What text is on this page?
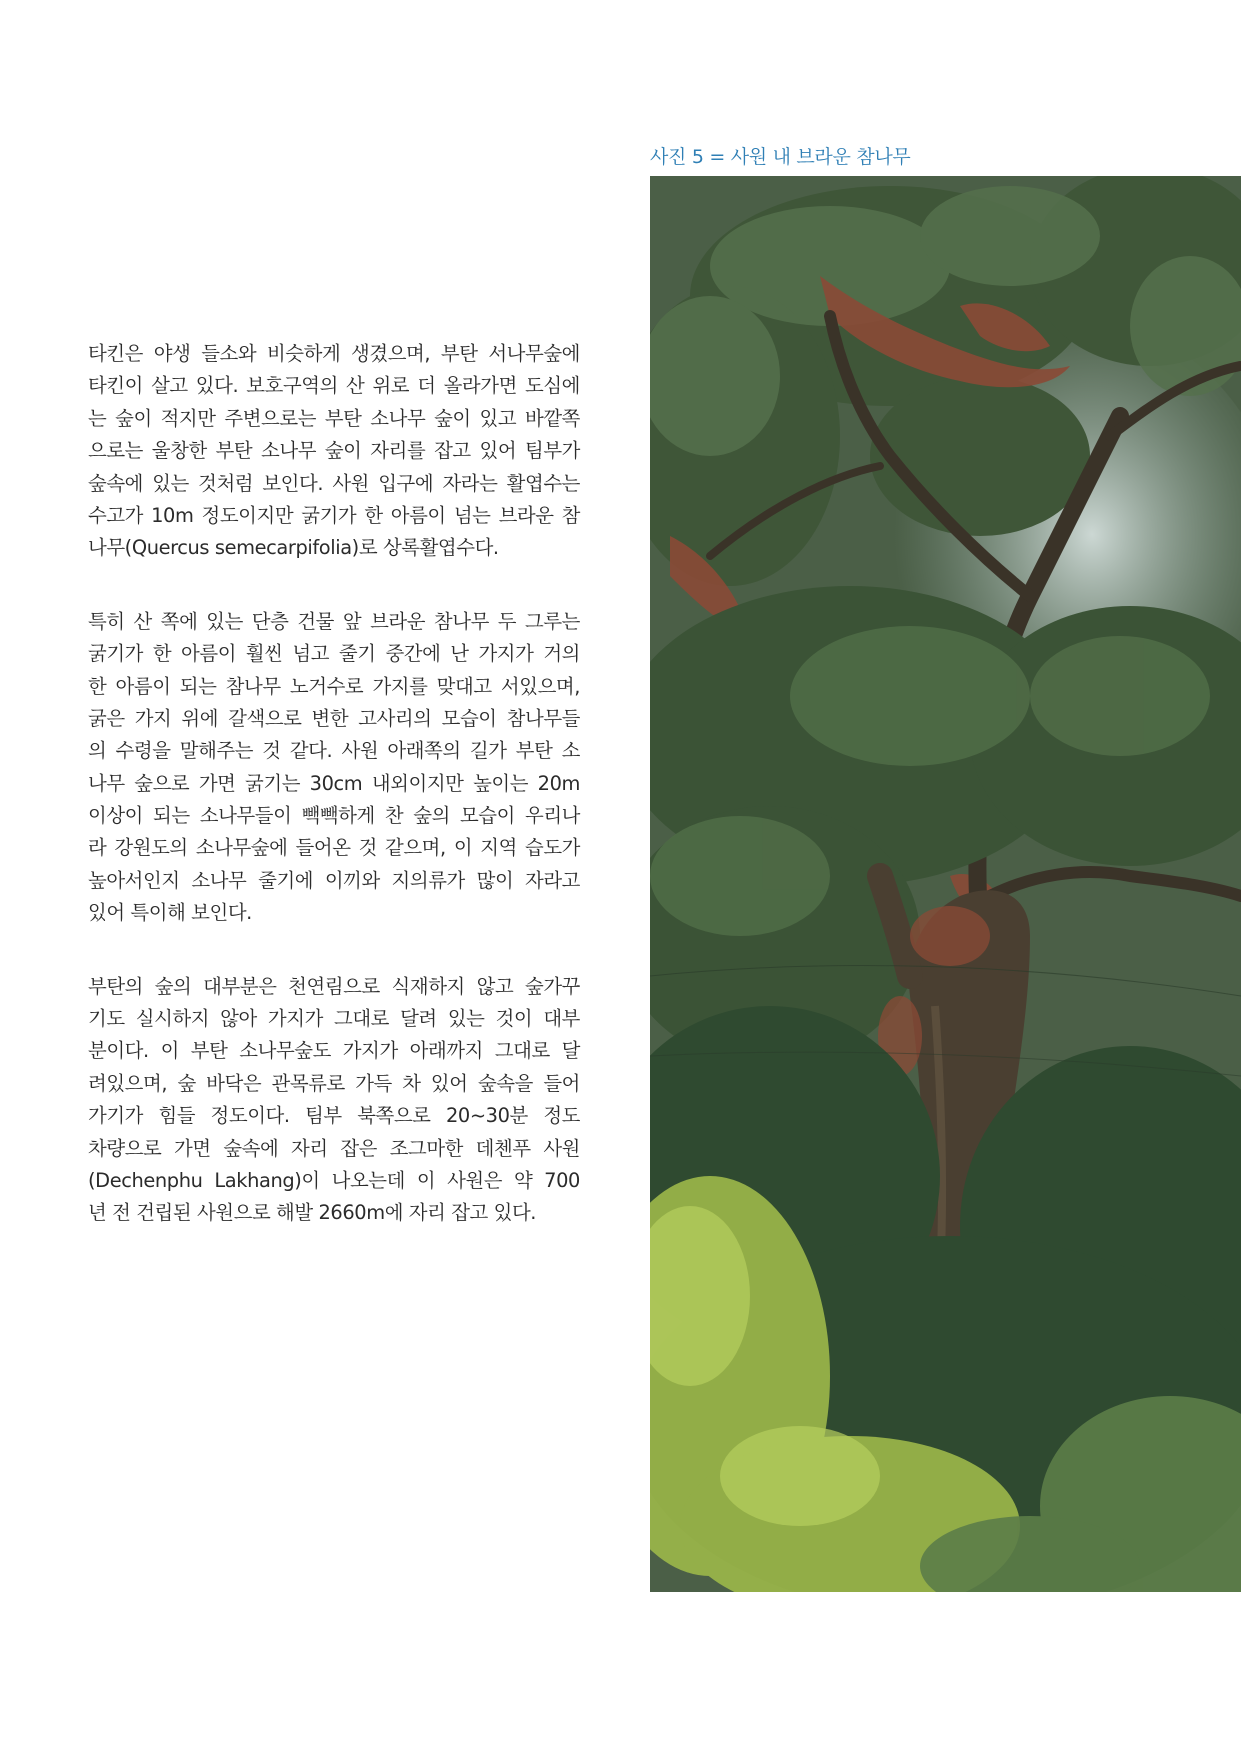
사진 5 = 사원 내 브라운 참나무
타킨은 야생 들소와 비슷하게 생겼으며, 부탄 서나무숲에
타킨이 살고 있다. 보호구역의 산 위로 더 올라가면 도심에
는 숲이 적지만 주변으로는 부탄 소나무 숲이 있고 바깥쪽
으로는 울창한 부탄 소나무 숲이 자리를 잡고 있어 팀부가
숲속에 있는 것처럼 보인다. 사원 입구에 자라는 활엽수는
수고가 10m 정도이지만 굵기가 한 아름이 넘는 브라운 참
나무(Quercus semecarpifolia)로 상록활엽수다.
특히 산 쪽에 있는 단층 건물 앞 브라운 참나무 두 그루는
굵기가 한 아름이 훨씬 넘고 줄기 중간에 난 가지가 거의
한 아름이 되는 참나무 노거수로 가지를 맞대고 서있으며,
굵은 가지 위에 갈색으로 변한 고사리의 모습이 참나무들
의 수령을 말해주는 것 같다. 사원 아래쪽의 길가 부탄 소
나무 숲으로 가면 굵기는 30cm 내외이지만 높이는 20m
이상이 되는 소나무들이 빽빽하게 찬 숲의 모습이 우리나
라 강원도의 소나무숲에 들어온 것 같으며, 이 지역 습도가
높아서인지 소나무 줄기에 이끼와 지의류가 많이 자라고
있어 특이해 보인다.
부탄의 숲의 대부분은 천연림으로 식재하지 않고 숲가꾸
기도 실시하지 않아 가지가 그대로 달려 있는 것이 대부
분이다. 이 부탄 소나무숲도 가지가 아래까지 그대로 달
려있으며, 숲 바닥은 관목류로 가득 차 있어 숲속을 들어
가기가 힘들 정도이다. 팀부 북쪽으로 20~30분 정도
차량으로 가면 숲속에 자리 잡은 조그마한 데첸푸 사원
(Dechenphu Lakhang)이 나오는데 이 사원은 약 700
년 전 건립된 사원으로 해발 2660m에 자리 잡고 있다.
